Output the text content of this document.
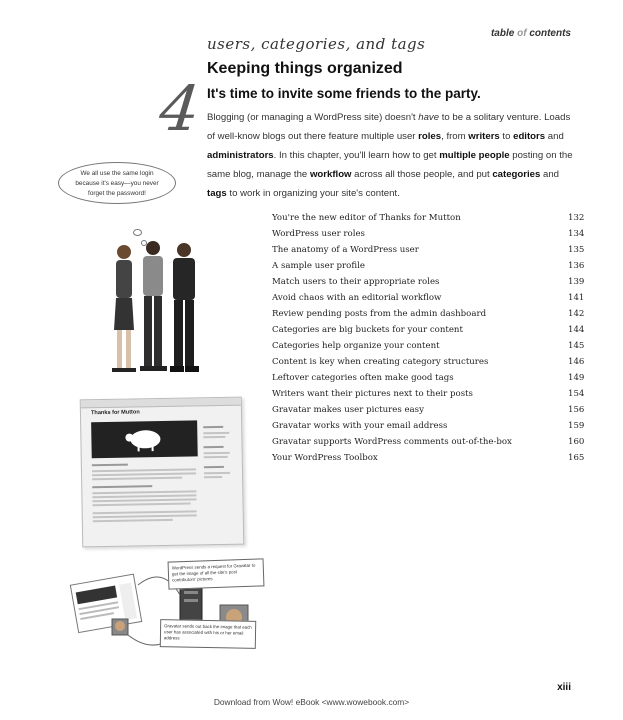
table of contents
4
users, categories, and tags
Keeping things organized
It's time to invite some friends to the party.
Blogging (or managing a WordPress site) doesn't have to be a solitary venture. Loads of well-know blogs out there feature multiple user roles, from writers to editors and administrators. In this chapter, you'll learn how to get multiple people posting on the same blog, manage the workflow across all those people, and put categories and tags to work in organizing your site's content.
We all use the same login
because it's easy—you never
forget the password!
You're the new editor of Thanks for Mutton	132
WordPress user roles	134
The anatomy of a WordPress user	135
A sample user profile	136
Match users to their appropriate roles	139
Avoid chaos with an editorial workflow	141
Review pending posts from the admin dashboard	142
Categories are big buckets for your content	144
Categories help organize your content	145
Content is key when creating category structures	146
Leftover categories often make good tags	149
Writers want their pictures next to their posts	154
Gravatar makes user pictures easy	156
Gravatar works with your email address	159
Gravatar supports WordPress comments out-of-the-box	160
Your WordPress Toolbox	165
Thanks for Mutton
WordPress sends a request for Gravatar to get the image of all the site's post contributors' pictures
Gravatar sends out back the image that each user has associated with his or her email address
xiii
Download from Wow! eBook <www.wowebook.com>
